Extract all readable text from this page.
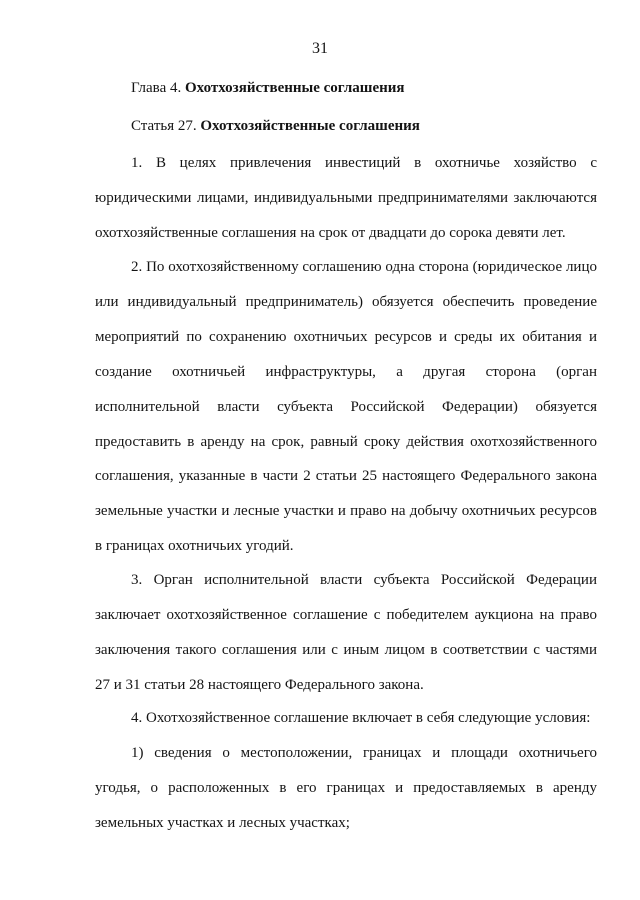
31
Глава 4. Охотхозяйственные соглашения
Статья 27. Охотхозяйственные соглашения
1. В целях привлечения инвестиций в охотничье хозяйство с юридическими лицами, индивидуальными предпринимателями заключаются охотхозяйственные соглашения на срок от двадцати до сорока девяти лет.
2. По охотхозяйственному соглашению одна сторона (юридическое лицо или индивидуальный предприниматель) обязуется обеспечить проведение мероприятий по сохранению охотничьих ресурсов и среды их обитания и создание охотничьей инфраструктуры, а другая сторона (орган исполнительной власти субъекта Российской Федерации) обязуется предоставить в аренду на срок, равный сроку действия охотхозяйственного соглашения, указанные в части 2 статьи 25 настоящего Федерального закона земельные участки и лесные участки и право на добычу охотничьих ресурсов в границах охотничьих угодий.
3. Орган исполнительной власти субъекта Российской Федерации заключает охотхозяйственное соглашение с победителем аукциона на право заключения такого соглашения или с иным лицом в соответствии с частями 27 и 31 статьи 28 настоящего Федерального закона.
4. Охотхозяйственное соглашение включает в себя следующие условия:
1) сведения о местоположении, границах и площади охотничьего угодья, о расположенных в его границах и предоставляемых в аренду земельных участках и лесных участках;
